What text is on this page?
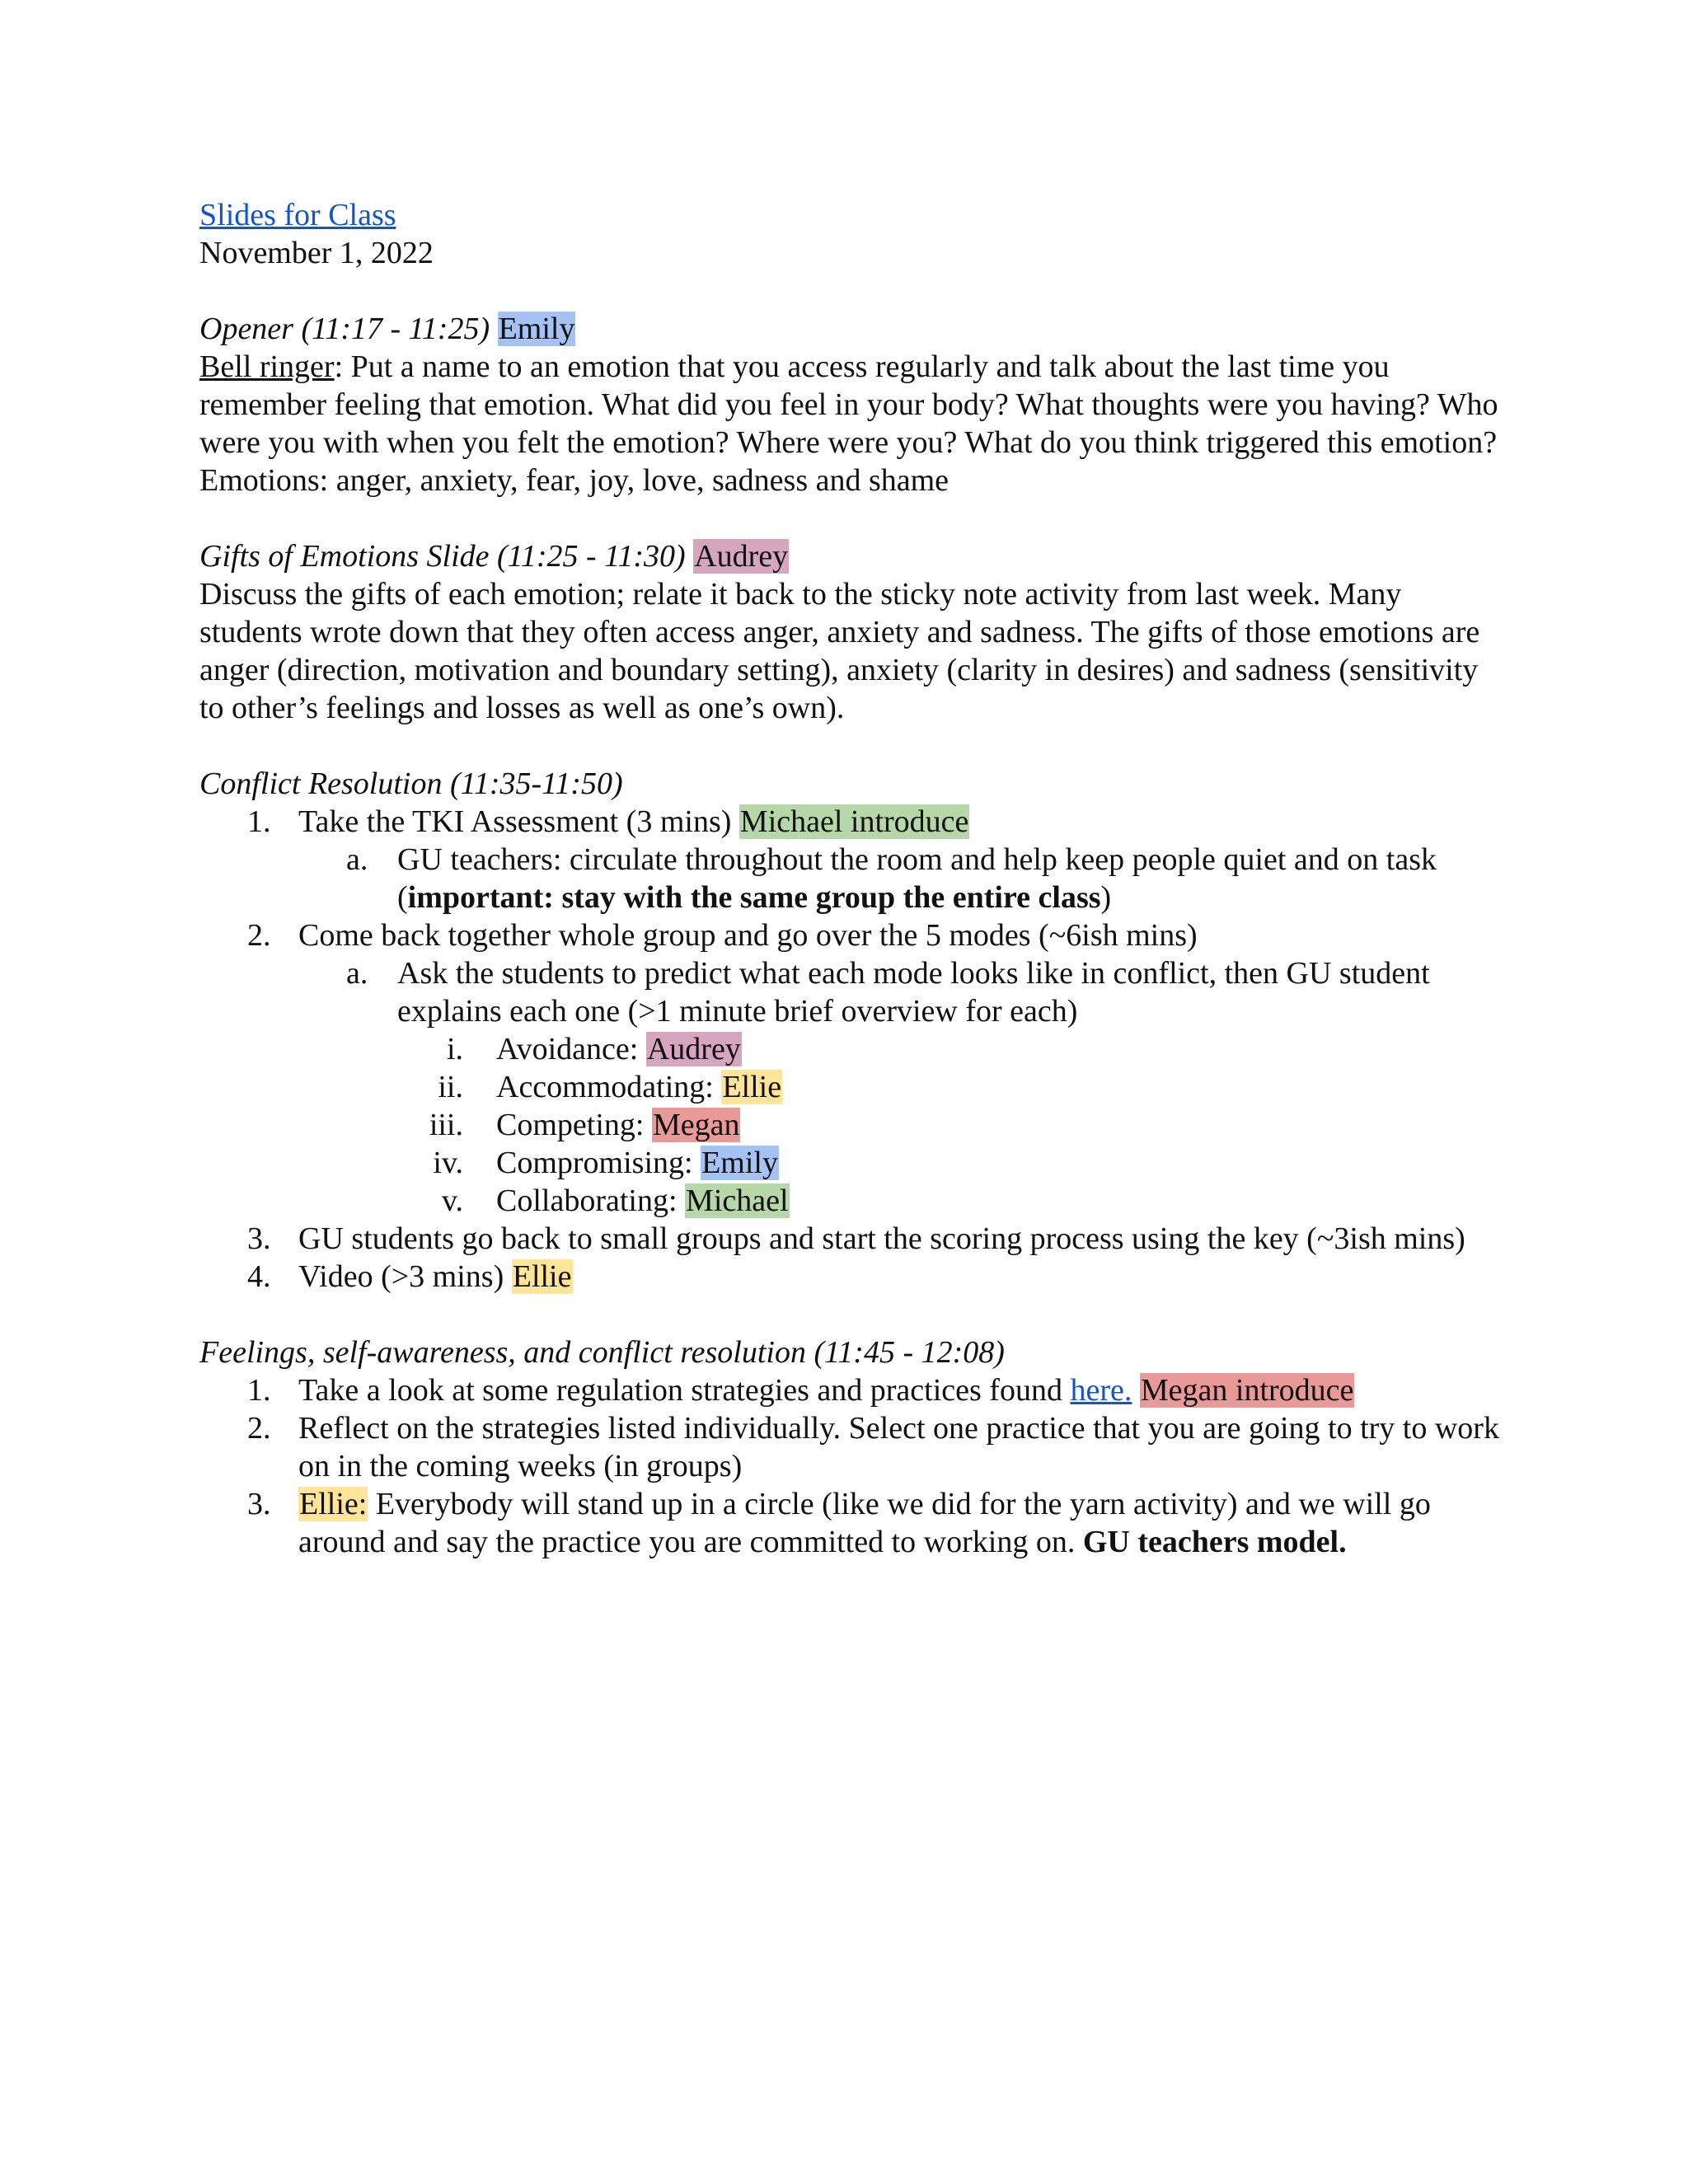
Slides for Class
November 1, 2022
Opener (11:17 - 11:25) Emily
Bell ringer: Put a name to an emotion that you access regularly and talk about the last time you remember feeling that emotion. What did you feel in your body? What thoughts were you having? Who were you with when you felt the emotion? Where were you? What do you think triggered this emotion?
Emotions: anger, anxiety, fear, joy, love, sadness and shame
Gifts of Emotions Slide (11:25 - 11:30) Audrey
Discuss the gifts of each emotion; relate it back to the sticky note activity from last week. Many students wrote down that they often access anger, anxiety and sadness. The gifts of those emotions are anger (direction, motivation and boundary setting), anxiety (clarity in desires) and sadness (sensitivity to other’s feelings and losses as well as one’s own).
Conflict Resolution (11:35-11:50)
1. Take the TKI Assessment (3 mins) Michael introduce
a. GU teachers: circulate throughout the room and help keep people quiet and on task (important: stay with the same group the entire class)
2. Come back together whole group and go over the 5 modes (~6ish mins)
a. Ask the students to predict what each mode looks like in conflict, then GU student explains each one (>1 minute brief overview for each)
i. Avoidance: Audrey
ii. Accommodating: Ellie
iii. Competing: Megan
iv. Compromising: Emily
v. Collaborating: Michael
3. GU students go back to small groups and start the scoring process using the key (~3ish mins)
4. Video (>3 mins) Ellie
Feelings, self-awareness, and conflict resolution (11:45 - 12:08)
1. Take a look at some regulation strategies and practices found here. Megan introduce
2. Reflect on the strategies listed individually. Select one practice that you are going to try to work on in the coming weeks (in groups)
3. Ellie: Everybody will stand up in a circle (like we did for the yarn activity) and we will go around and say the practice you are committed to working on. GU teachers model.
